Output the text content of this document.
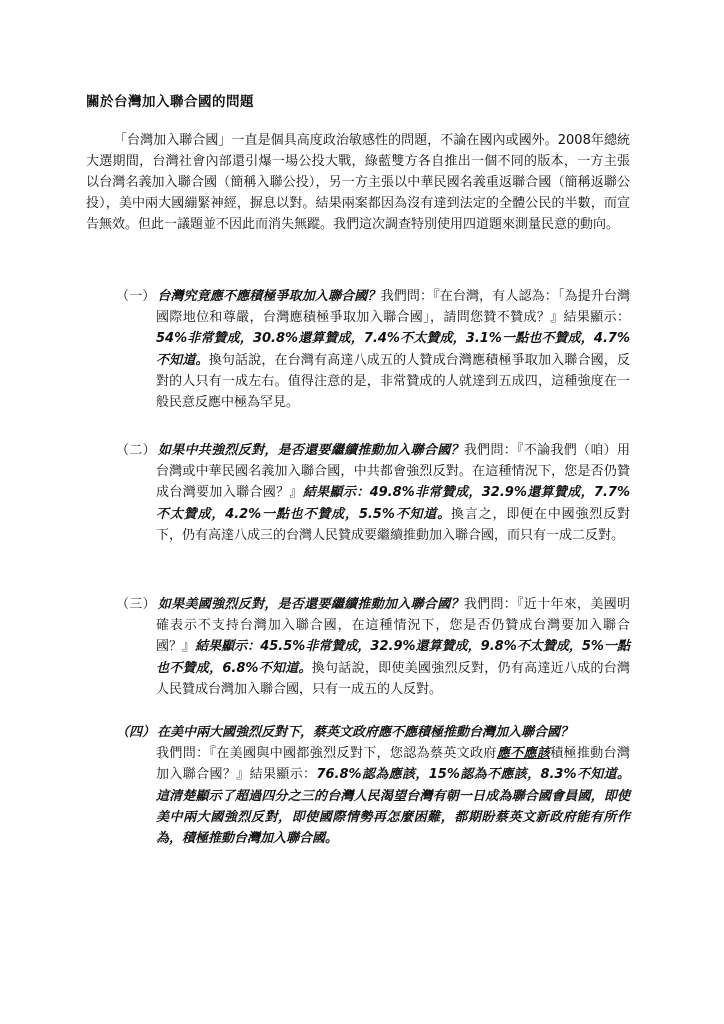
關於台灣加入聯合國的問題
「台灣加入聯合國」一直是個具高度政治敏感性的問題，不論在國內或國外。2008年總統大選期間，台灣社會內部還引爆一場公投大戰，綠藍雙方各自推出一個不同的版本，一方主張以台灣名義加入聯合國（簡稱入聯公投），另一方主張以中華民國名義重返聯合國（簡稱返聯公投），美中兩大國繃緊神經，摒息以對。結果兩案都因為沒有達到法定的全體公民的半數，而宣告無效。但此一議題並不因此而消失無蹤。我們這次調查特別使用四道題來測量民意的動向。
（一） 台灣究竟應不應積極爭取加入聯合國？我們問：『在台灣，有人認為：「為提升台灣國際地位和尊嚴，台灣應積極爭取加入聯合國」，請問您贊不贊成？』結果顯示：54%非常贊成，30.8%還算贊成，7.4%不太贊成，3.1%一點也不贊成，4.7%不知道。換句話說，在台灣有高達八成五的人贊成台灣應積極爭取加入聯合國，反對的人只有一成左右。值得注意的是，非常贊成的人就達到五成四，這種強度在一般民意反應中極為罕見。
（二） 如果中共強烈反對，是否還要繼續推動加入聯合國？我們問：『不論我們（咱）用台灣或中華民國名義加入聯合國，中共都會強烈反對。在這種情況下，您是否仍贊成台灣要加入聯合國？』結果顯示：49.8%非常贊成，32.9%還算贊成，7.7%不太贊成，4.2%一點也不贊成，5.5%不知道。換言之，即便在中國強烈反對下，仍有高達八成三的台灣人民贊成要繼續推動加入聯合國，而只有一成二反對。
（三） 如果美國強烈反對，是否還要繼續推動加入聯合國？我們問：『近十年來，美國明確表示不支持台灣加入聯合國，在這種情況下，您是否仍贊成台灣要加入聯合國？』結果顯示：45.5%非常贊成，32.9%還算贊成，9.8%不太贊成，5%一點也不贊成，6.8%不知道。換句話說，即使美國強烈反對，仍有高達近八成的台灣人民贊成台灣加入聯合國，只有一成五的人反對。
（四） 在美中兩大國強烈反對下，蔡英文政府應不應積極推動台灣加入聯合國？
我們問：『在美國與中國都強烈反對下，您認為蔡英文政府應不應該積極推動台灣加入聯合國？』結果顯示：76.8%認為應該，15%認為不應該，8.3%不知道。這清楚顯示了超過四分之三的台灣人民渴望台灣有朝一日成為聯合國會員國，即使美中兩大國強烈反對，即使國際情勢再怎麼困難，都期盼蔡英文新政府能有所作為，積極推動台灣加入聯合國。
